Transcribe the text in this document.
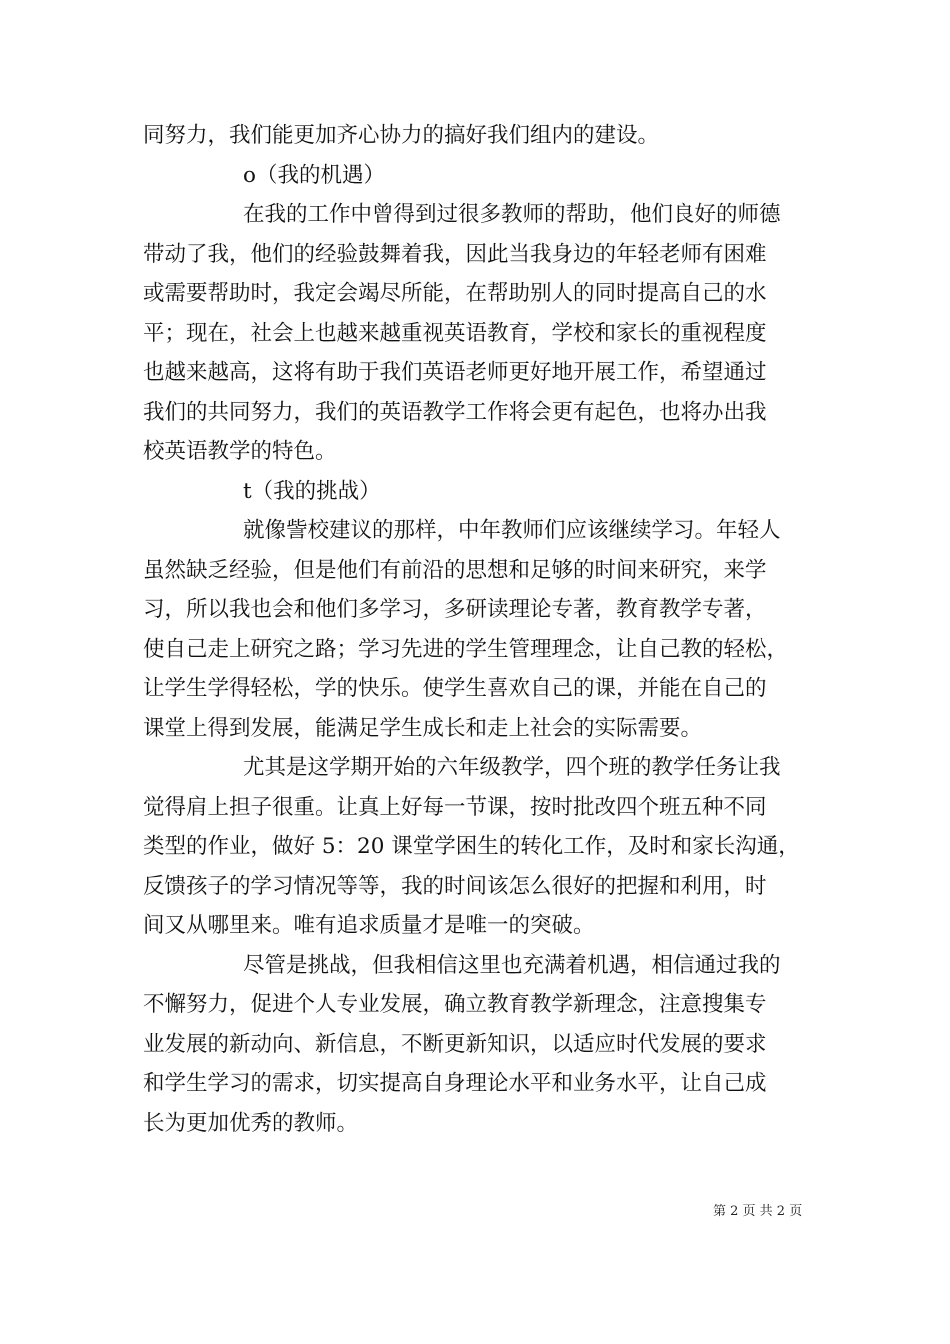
同努力，我们能更加齐心协力的搞好我们组内的建设。
o（我的机遇）
在我的工作中曾得到过很多教师的帮助，他们良好的师德
带动了我，他们的经验鼓舞着我，因此当我身边的年轻老师有困难
或需要帮助时，我定会竭尽所能，在帮助别人的同时提高自己的水
平；现在，社会上也越来越重视英语教育，学校和家长的重视程度
也越来越高，这将有助于我们英语老师更好地开展工作，希望通过
我们的共同努力，我们的英语教学工作将会更有起色，也将办出我
校英语教学的特色。
t（我的挑战）
就像訾校建议的那样，中年教师们应该继续学习。年轻人
虽然缺乏经验，但是他们有前沿的思想和足够的时间来研究，来学
习，所以我也会和他们多学习，多研读理论专著，教育教学专著，
使自己走上研究之路；学习先进的学生管理理念，让自己教的轻松，
让学生学得轻松，学的快乐。使学生喜欢自己的课，并能在自己的
课堂上得到发展，能满足学生成长和走上社会的实际需要。
尤其是这学期开始的六年级教学，四个班的教学任务让我
觉得肩上担子很重。让真上好每一节课，按时批改四个班五种不同
类型的作业，做好 5：20 课堂学困生的转化工作，及时和家长沟通，
反馈孩子的学习情况等等，我的时间该怎么很好的把握和利用，时
间又从哪里来。唯有追求质量才是唯一的突破。
尽管是挑战，但我相信这里也充满着机遇，相信通过我的
不懈努力，促进个人专业发展，确立教育教学新理念，注意搜集专
业发展的新动向、新信息，不断更新知识，以适应时代发展的要求
和学生学习的需求，切实提高自身理论水平和业务水平，让自己成
长为更加优秀的教师。
第 2 页 共 2 页
